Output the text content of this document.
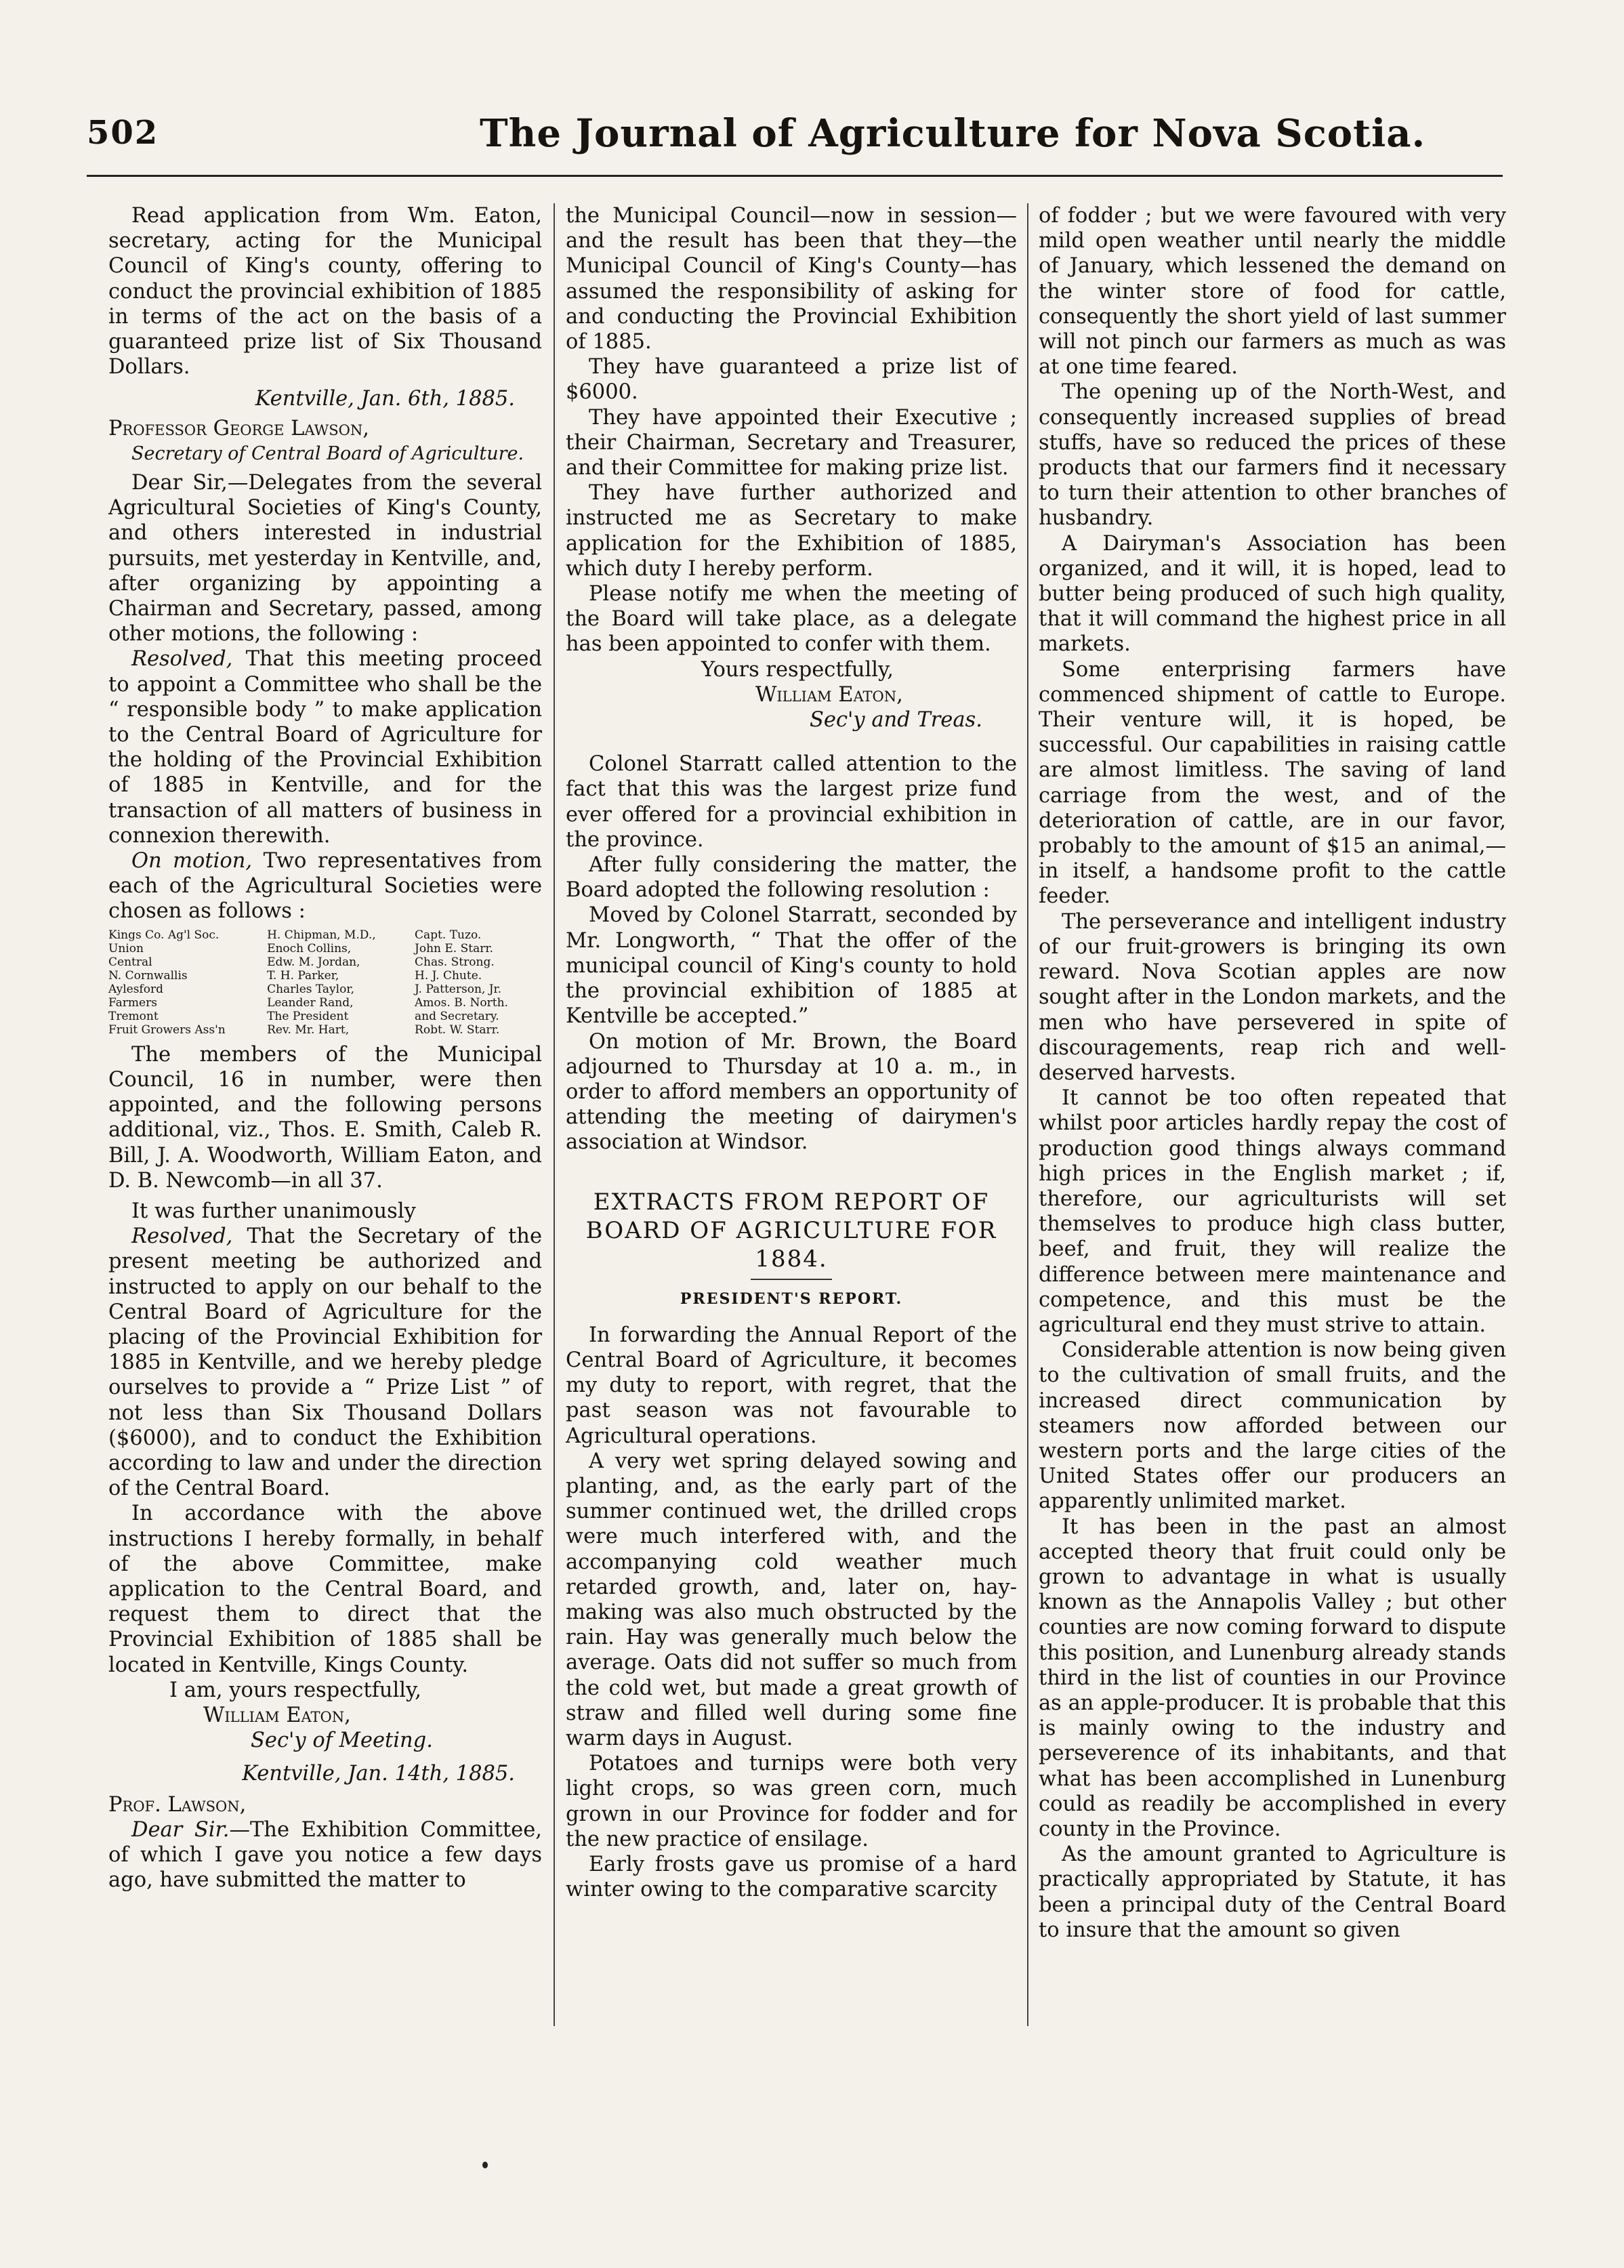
502	The Journal of Agriculture for Nova Scotia.

Read application from Wm. Eaton, secretary, acting for the Municipal Council of King's county, offering to conduct the provincial exhibition of 1885 in terms of the act on the basis of a guaranteed prize list of Six Thousand Dollars.

Kentville, Jan. 6th, 1885.

Professor George Lawson,

Secretary of Central Board of Agriculture.

Dear Sir,—Delegates from the several Agricultural Societies of King's County, and others interested in industrial pursuits, met yesterday in Kentville, and, after organizing by appointing a Chairman and Secretary, passed, among other motions, the following :

Resolved, That this meeting proceed to appoint a Committee who shall be the “ responsible body ” to make application to the Central Board of Agriculture for the holding of the Provincial Exhibition of 1885 in Kentville, and for the transaction of all matters of business in connexion therewith.

On motion, Two representatives from each of the Agricultural Societies were chosen as follows :

Kings Co. Ag'l Soc.	H. Chipman, M.D.,	Capt. Tuzo.
Union	Enoch Collins,	John E. Starr.
Central	Edw. M. Jordan,	Chas. Strong.
N. Cornwallis	T. H. Parker,	H. J. Chute.
Aylesford	Charles Taylor,	J. Patterson, Jr.
Farmers	Leander Rand,	Amos. B. North.
Tremont	The President	and Secretary.
Fruit Growers Ass'n	Rev. Mr. Hart,	Robt. W. Starr.

The members of the Municipal Council, 16 in number, were then appointed, and the following persons additional, viz., Thos. E. Smith, Caleb R. Bill, J. A. Woodworth, William Eaton, and D. B. Newcomb—in all 37.

It was further unanimously

Resolved, That the Secretary of the present meeting be authorized and instructed to apply on our behalf to the Central Board of Agriculture for the placing of the Provincial Exhibition for 1885 in Kentville, and we hereby pledge ourselves to provide a “ Prize List ” of not less than Six Thousand Dollars ($6000), and to conduct the Exhibition according to law and under the direction of the Central Board.

In accordance with the above instructions I hereby formally, in behalf of the above Committee, make application to the Central Board, and request them to direct that the Provincial Exhibition of 1885 shall be located in Kentville, Kings County.

I am, yours respectfully,

William Eaton,

Sec'y of Meeting.

Kentville, Jan. 14th, 1885.

Prof. Lawson,

Dear Sir.—The Exhibition Committee, of which I gave you notice a few days ago, have submitted the matter to

the Municipal Council—now in session—and the result has been that they—the Municipal Council of King's County—has assumed the responsibility of asking for and conducting the Provincial Exhibition of 1885.

They have guaranteed a prize list of $6000.

They have appointed their Executive ; their Chairman, Secretary and Treasurer, and their Committee for making prize list.

They have further authorized and instructed me as Secretary to make application for the Exhibition of 1885, which duty I hereby perform.

Please notify me when the meeting of the Board will take place, as a delegate has been appointed to confer with them.

Yours respectfully,

William Eaton,

Sec'y and Treas.

Colonel Starratt called attention to the fact that this was the largest prize fund ever offered for a provincial exhibition in the province.

After fully considering the matter, the Board adopted the following resolution :

Moved by Colonel Starratt, seconded by Mr. Longworth, “ That the offer of the municipal council of King's county to hold the provincial exhibition of 1885 at Kentville be accepted.”

On motion of Mr. Brown, the Board adjourned to Thursday at 10 a. m., in order to afford members an opportunity of attending the meeting of dairymen's association at Windsor.

EXTRACTS FROM REPORT OF BOARD OF AGRICULTURE FOR 1884.
PRESIDENT'S REPORT.

In forwarding the Annual Report of the Central Board of Agriculture, it becomes my duty to report, with regret, that the past season was not favourable to Agricultural operations.

A very wet spring delayed sowing and planting, and, as the early part of the summer continued wet, the drilled crops were much interfered with, and the accompanying cold weather much retarded growth, and, later on, hay-making was also much obstructed by the rain. Hay was generally much below the average. Oats did not suffer so much from the cold wet, but made a great growth of straw and filled well during some fine warm days in August.

Potatoes and turnips were both very light crops, so was green corn, much grown in our Province for fodder and for the new practice of ensilage.

Early frosts gave us promise of a hard winter owing to the comparative scarcity

of fodder ; but we were favoured with very mild open weather until nearly the middle of January, which lessened the demand on the winter store of food for cattle, consequently the short yield of last summer will not pinch our farmers as much as was at one time feared.

The opening up of the North-West, and consequently increased supplies of bread stuffs, have so reduced the prices of these products that our farmers find it necessary to turn their attention to other branches of husbandry.

A Dairyman's Association has been organized, and it will, it is hoped, lead to butter being produced of such high quality, that it will command the highest price in all markets.

Some enterprising farmers have commenced shipment of cattle to Europe. Their venture will, it is hoped, be successful. Our capabilities in raising cattle are almost limitless. The saving of land carriage from the west, and of the deterioration of cattle, are in our favor, probably to the amount of $15 an animal,—in itself, a handsome profit to the cattle feeder.

The perseverance and intelligent industry of our fruit-growers is bringing its own reward. Nova Scotian apples are now sought after in the London markets, and the men who have persevered in spite of discouragements, reap rich and well-deserved harvests.

It cannot be too often repeated that whilst poor articles hardly repay the cost of production good things always command high prices in the English market ; if, therefore, our agriculturists will set themselves to produce high class butter, beef, and fruit, they will realize the difference between mere maintenance and competence, and this must be the agricultural end they must strive to attain.

Considerable attention is now being given to the cultivation of small fruits, and the increased direct communication by steamers now afforded between our western ports and the large cities of the United States offer our producers an apparently unlimited market.

It has been in the past an almost accepted theory that fruit could only be grown to advantage in what is usually known as the Annapolis Valley ; but other counties are now coming forward to dispute this position, and Lunenburg already stands third in the list of counties in our Province as an apple-producer. It is probable that this is mainly owing to the industry and perseverence of its inhabitants, and that what has been accomplished in Lunenburg could as readily be accomplished in every county in the Province.

As the amount granted to Agriculture is practically appropriated by Statute, it has been a principal duty of the Central Board to insure that the amount so given
